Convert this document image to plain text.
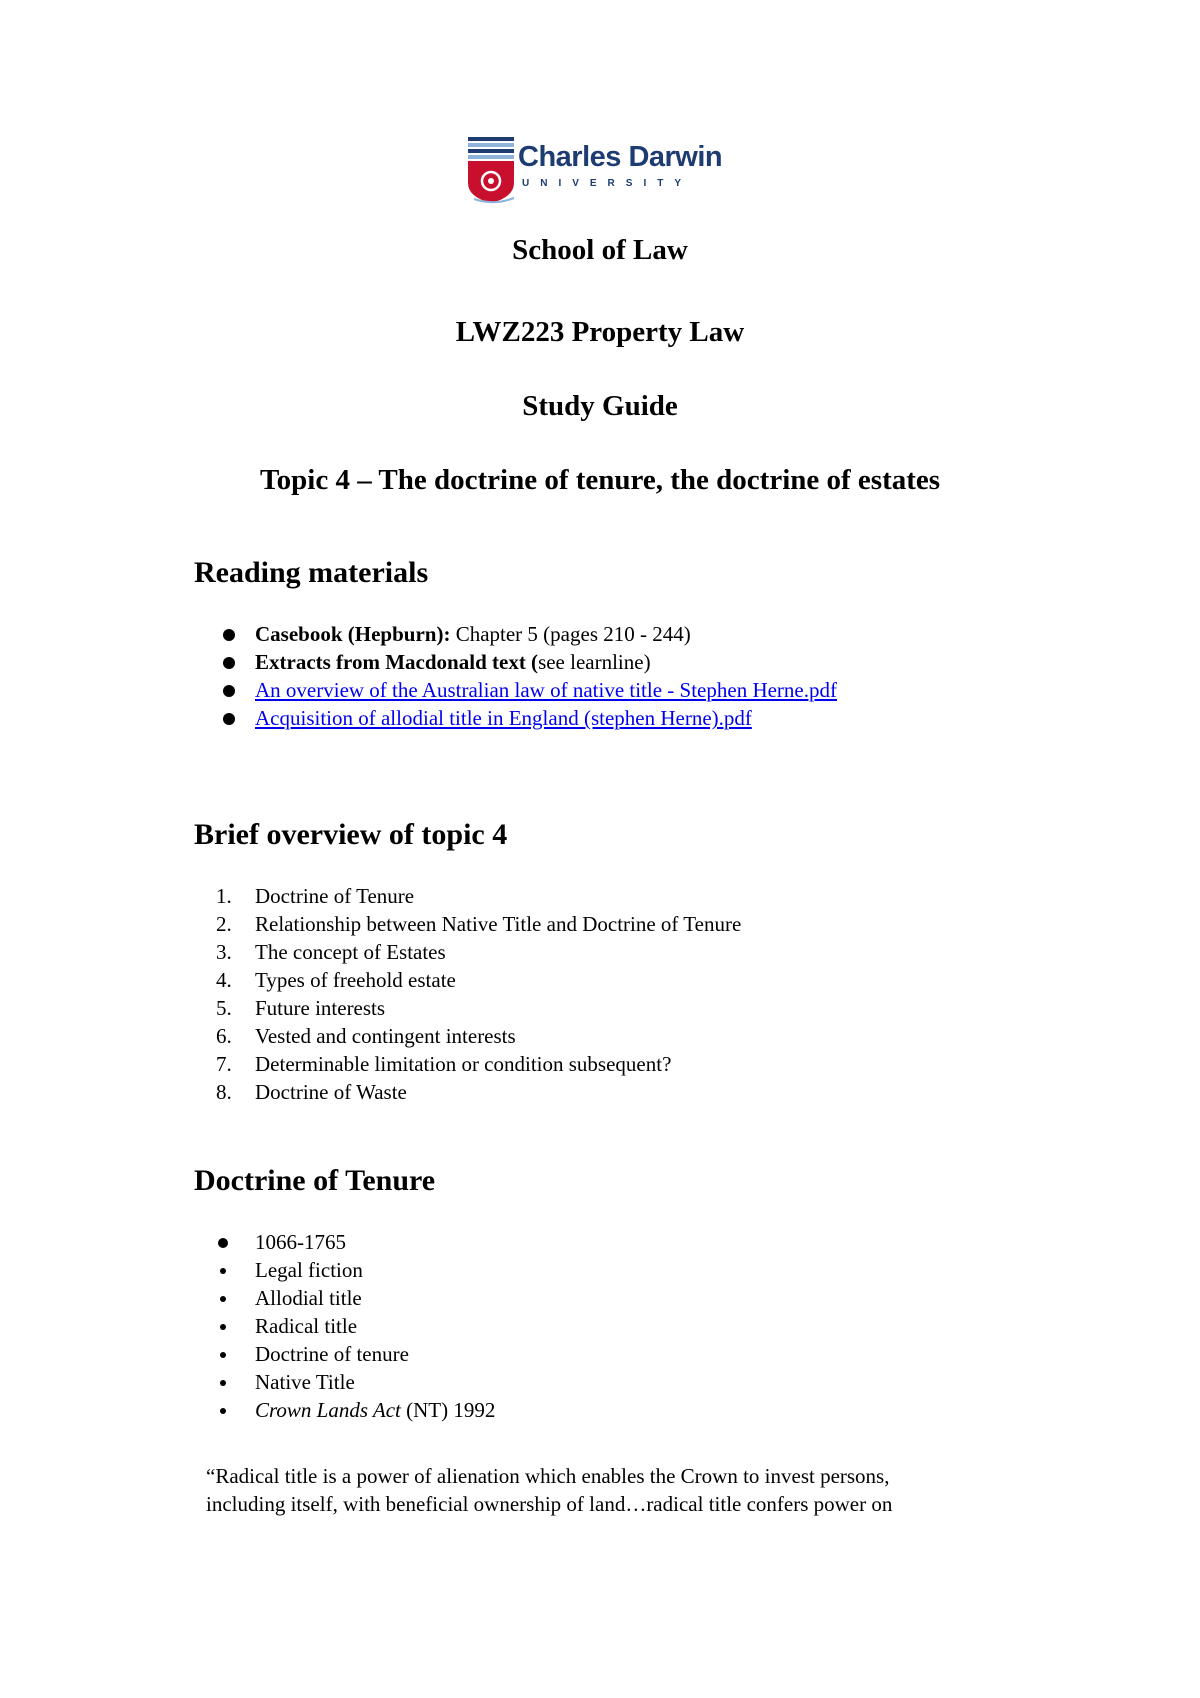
Charles Darwin
UNIVERSITY
School of Law
LWZ223 Property Law
Study Guide
Topic 4 – The doctrine of tenure, the doctrine of estates
Reading materials
Casebook (Hepburn): Chapter 5 (pages 210 - 244)
Extracts from Macdonald text (see learnline)
An overview of the Australian law of native title - Stephen Herne.pdf
Acquisition of allodial title in England (stephen Herne).pdf
Brief overview of topic 4
1. Doctrine of Tenure
2. Relationship between Native Title and Doctrine of Tenure
3. The concept of Estates
4. Types of freehold estate
5. Future interests
6. Vested and contingent interests
7. Determinable limitation or condition subsequent?
8. Doctrine of Waste
Doctrine of Tenure
1066-1765
Legal fiction
Allodial title
Radical title
Doctrine of tenure
Native Title
Crown Lands Act (NT) 1992
“Radical title is a power of alienation which enables the Crown to invest persons,
including itself, with beneficial ownership of land…radical title confers power on
